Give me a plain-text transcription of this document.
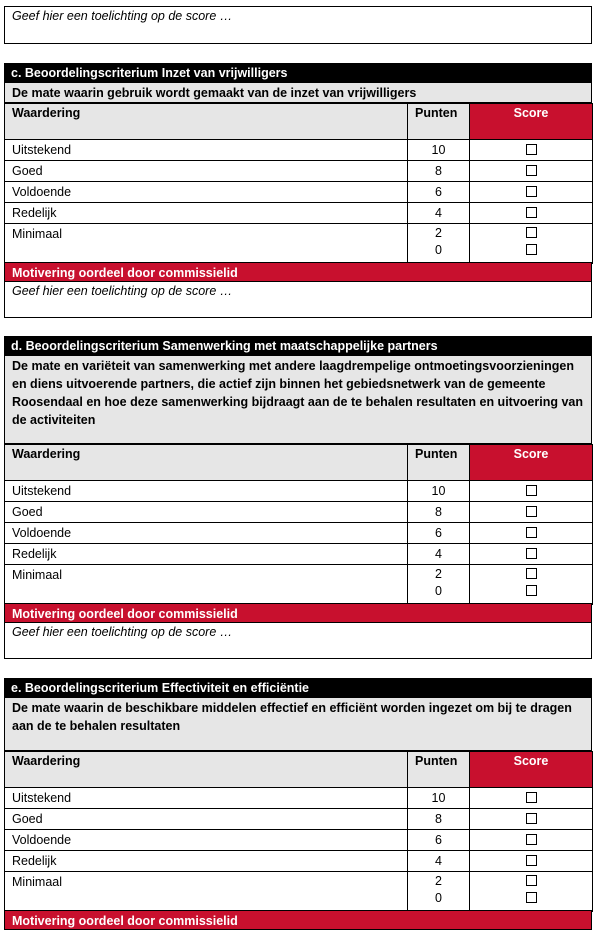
Geef hier een toelichting op de score …
c. Beoordelingscriterium Inzet van vrijwilligers
De mate waarin gebruik wordt gemaakt van de inzet van vrijwilligers
Waardering	Punten	Score
Uitstekend	10	
Goed	8	
Voldoende	6	
Redelijk	4	
Minimaal	2
0	

Motivering oordeel door commissielid
Geef hier een toelichting op de score …
d. Beoordelingscriterium Samenwerking met maatschappelijke partners
De mate en variëteit van samenwerking met andere laagdrempelige ontmoetingsvoorzieningen en diens uitvoerende partners, die actief zijn binnen het gebiedsnetwerk van de gemeente Roosendaal en hoe deze samenwerking bijdraagt aan de te behalen resultaten en uitvoering van de activiteiten
Waardering	Punten	Score
Uitstekend	10	
Goed	8	
Voldoende	6	
Redelijk	4	
Minimaal	2
0	

Motivering oordeel door commissielid
Geef hier een toelichting op de score …
e. Beoordelingscriterium Effectiviteit en efficiëntie
De mate waarin de beschikbare middelen effectief en efficiënt worden ingezet om bij te dragen aan de te behalen resultaten
Waardering	Punten	Score
Uitstekend	10	
Goed	8	
Voldoende	6	
Redelijk	4	
Minimaal	2
0	

Motivering oordeel door commissielid
